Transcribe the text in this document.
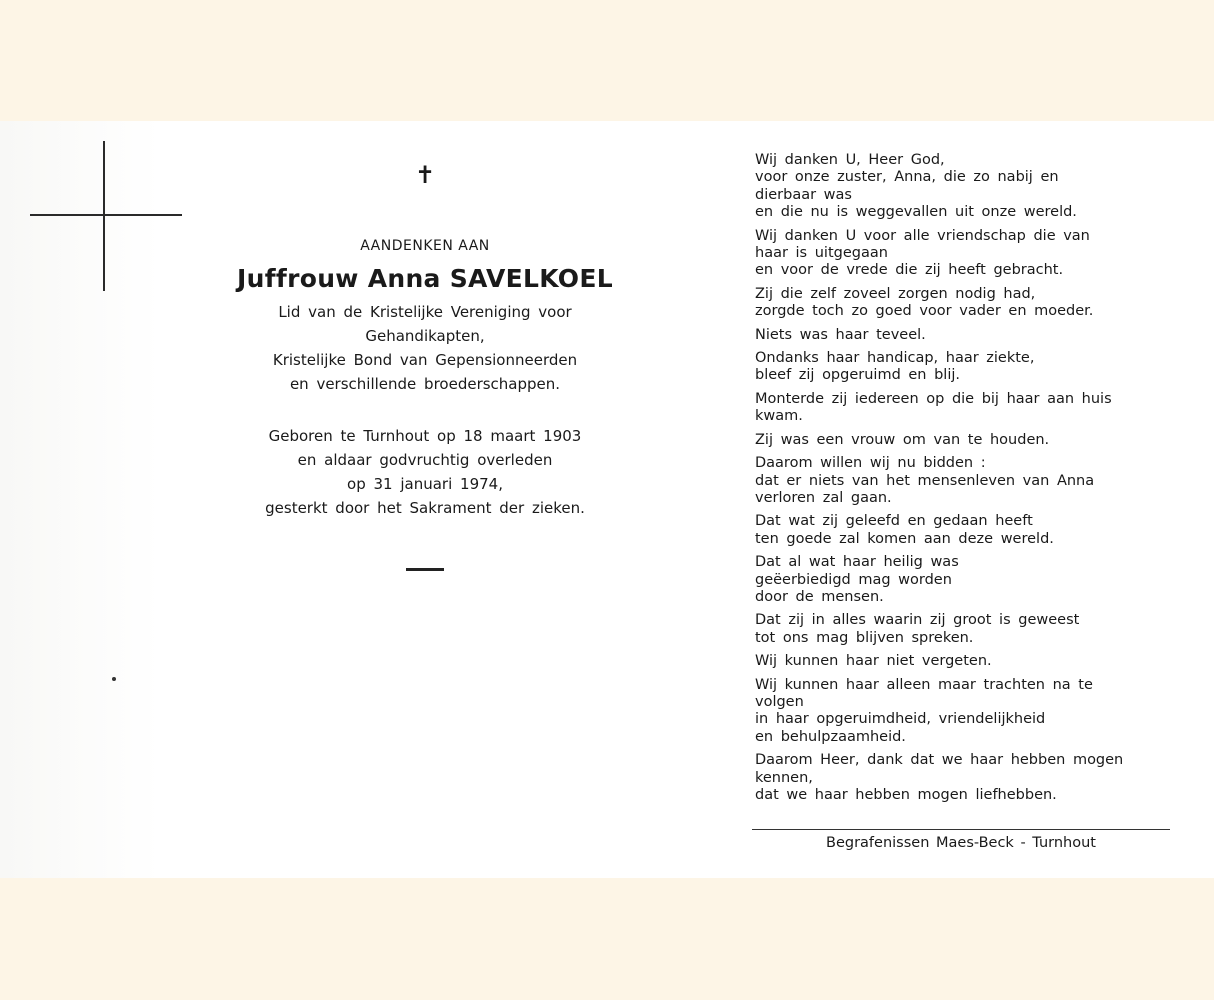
✝
AANDENKEN AAN
Juffrouw Anna SAVELKOEL
Lid van de Kristelijke Vereniging voor
Gehandikapten,
Kristelijke Bond van Gepensionneerden
en verschillende broederschappen.
Geboren te Turnhout op 18 maart 1903
en aldaar godvruchtig overleden
op 31 januari 1974,
gesterkt door het Sakrament der zieken.
Wij danken U, Heer God,
voor onze zuster, Anna, die zo nabij en
dierbaar was
en die nu is weggevallen uit onze wereld.
Wij danken U voor alle vriendschap die van
haar is uitgegaan
en voor de vrede die zij heeft gebracht.
Zij die zelf zoveel zorgen nodig had,
zorgde toch zo goed voor vader en moeder.
Niets was haar teveel.
Ondanks haar handicap, haar ziekte,
bleef zij opgeruimd en blij.
Monterde zij iedereen op die bij haar aan huis
kwam.
Zij was een vrouw om van te houden.
Daarom willen wij nu bidden :
dat er niets van het mensenleven van Anna
verloren zal gaan.
Dat wat zij geleefd en gedaan heeft
ten goede zal komen aan deze wereld.
Dat al wat haar heilig was
geëerbiedigd mag worden
door de mensen.
Dat zij in alles waarin zij groot is geweest
tot ons mag blijven spreken.
Wij kunnen haar niet vergeten.
Wij kunnen haar alleen maar trachten na te
volgen
in haar opgeruimdheid, vriendelijkheid
en behulpzaamheid.
Daarom Heer, dank dat we haar hebben mogen
kennen,
dat we haar hebben mogen liefhebben.
Begrafenissen Maes-Beck - Turnhout
